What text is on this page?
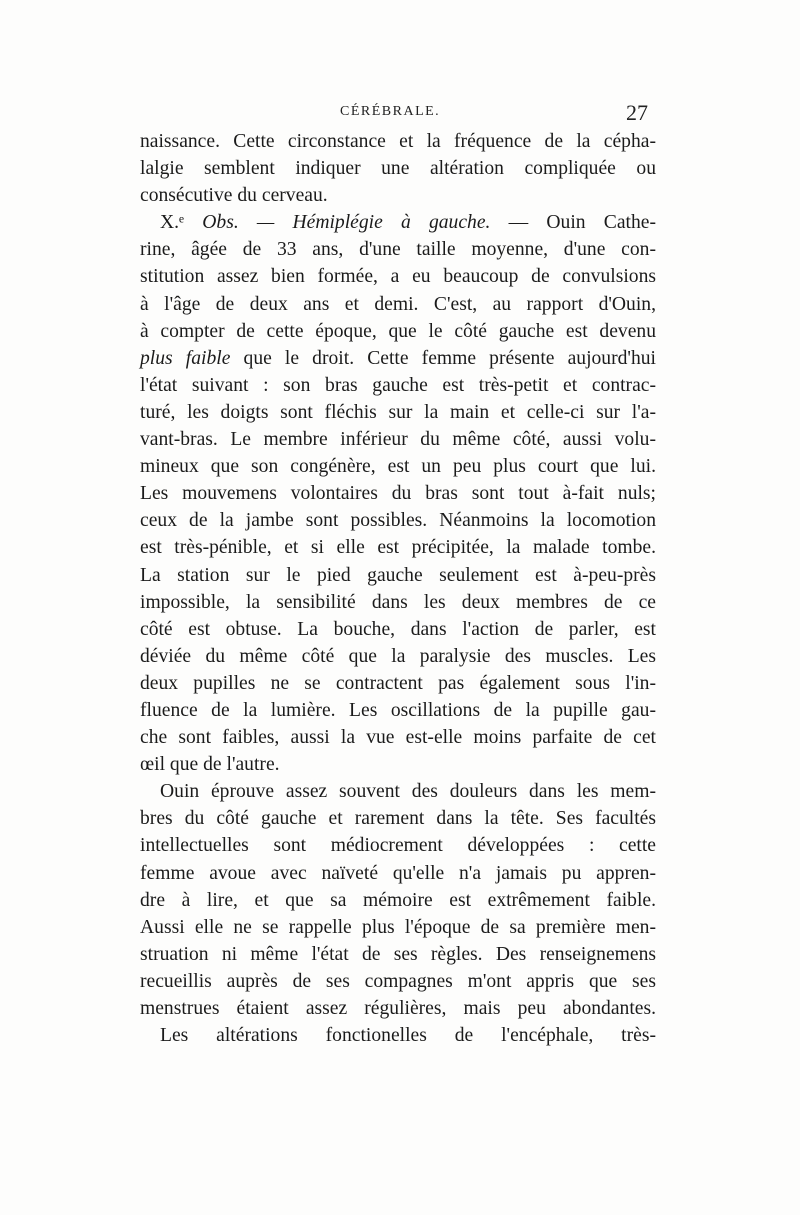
CÉRÉBRALE.	27
naissance. Cette circonstance et la fréquence de la cépha-
lalgie semblent indiquer une altération compliquée ou
consécutive du cerveau.
X.ᵉ Obs. — Hémiplégie à gauche. — Ouin Cathe-
rine, âgée de 33 ans, d'une taille moyenne, d'une con-
stitution assez bien formée, a eu beaucoup de convulsions
à l'âge de deux ans et demi. C'est, au rapport d'Ouin,
à compter de cette époque, que le côté gauche est devenu
plus faible que le droit. Cette femme présente aujourd'hui
l'état suivant : son bras gauche est très-petit et contrac-
turé, les doigts sont fléchis sur la main et celle-ci sur l'a-
vant-bras. Le membre inférieur du même côté, aussi volu-
mineux que son congénère, est un peu plus court que lui.
Les mouvemens volontaires du bras sont tout à-fait nuls;
ceux de la jambe sont possibles. Néanmoins la locomotion
est très-pénible, et si elle est précipitée, la malade tombe.
La station sur le pied gauche seulement est à-peu-près
impossible, la sensibilité dans les deux membres de ce
côté est obtuse. La bouche, dans l'action de parler, est
déviée du même côté que la paralysie des muscles. Les
deux pupilles ne se contractent pas également sous l'in-
fluence de la lumière. Les oscillations de la pupille gau-
che sont faibles, aussi la vue est-elle moins parfaite de cet
œil que de l'autre.
Ouin éprouve assez souvent des douleurs dans les mem-
bres du côté gauche et rarement dans la tête. Ses facultés
intellectuelles sont médiocrement développées : cette
femme avoue avec naïveté qu'elle n'a jamais pu appren-
dre à lire, et que sa mémoire est extrêmement faible.
Aussi elle ne se rappelle plus l'époque de sa première men-
struation ni même l'état de ses règles. Des renseignemens
recueillis auprès de ses compagnes m'ont appris que ses
menstrues étaient assez régulières, mais peu abondantes.
Les altérations fonctionelles de l'encéphale, très-
